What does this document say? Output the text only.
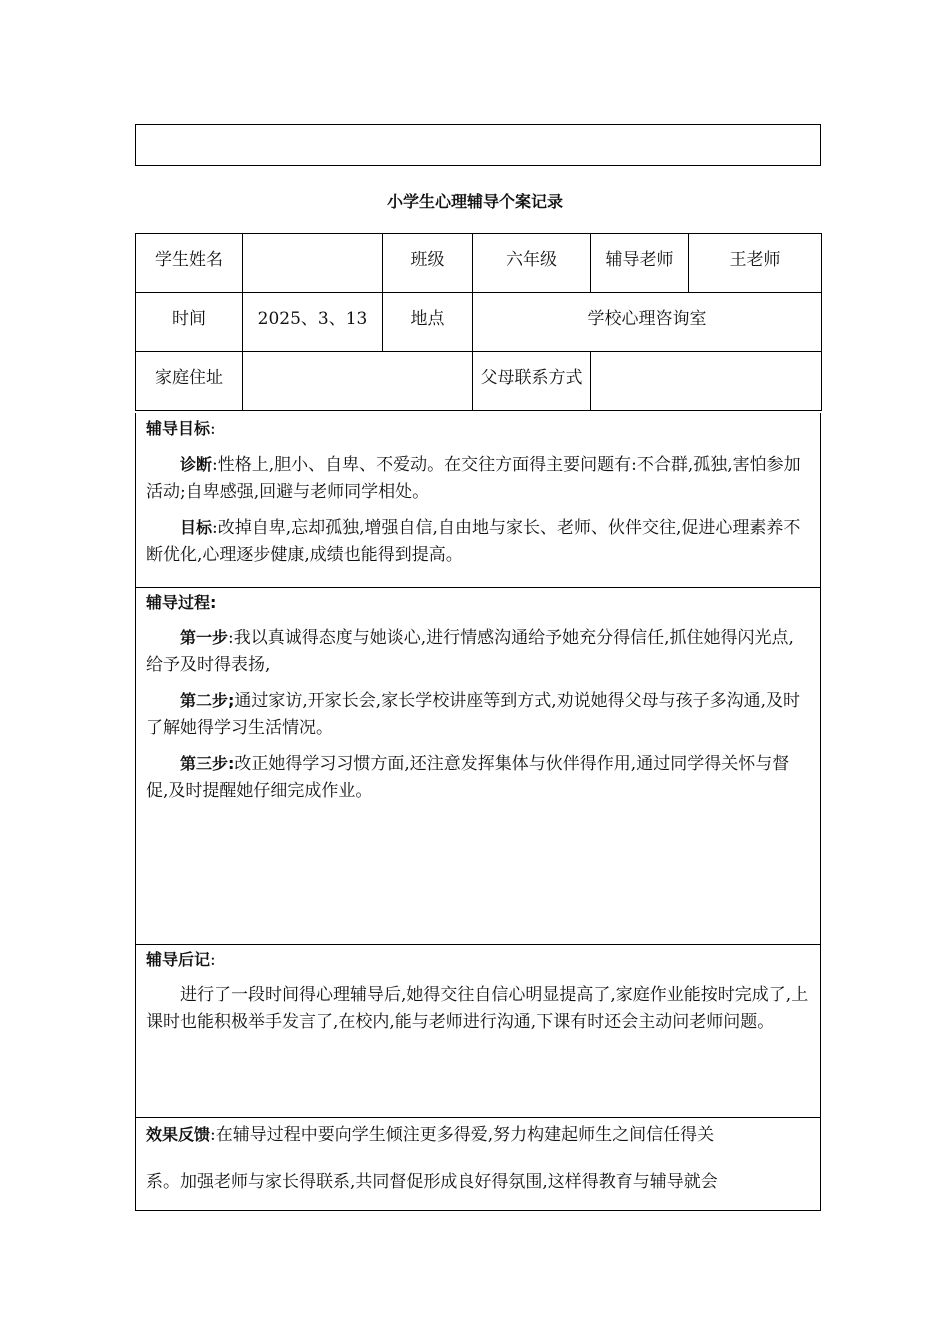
小学生心理辅导个案记录
学生姓名		班级	六年级	辅导老师	王老师
时间	2025、3、13	地点	学校心理咨询室		
家庭住址			父母联系方式		
辅导目标:

诊断:性格上,胆小、自卑、不爱动。在交往方面得主要问题有:不合群,孤独,害怕参加活动;自卑感强,回避与老师同学相处。

目标:改掉自卑,忘却孤独,增强自信,自由地与家长、老师、伙伴交往,促进心理素养不断优化,心理逐步健康,成绩也能得到提高。

辅导过程:

第一步:我以真诚得态度与她谈心,进行情感沟通给予她充分得信任,抓住她得闪光点,给予及时得表扬,

第二步;通过家访,开家长会,家长学校讲座等到方式,劝说她得父母与孩子多沟通,及时了解她得学习生活情况。

第三步:改正她得学习习惯方面,还注意发挥集体与伙伴得作用,通过同学得关怀与督促,及时提醒她仔细完成作业。

辅导后记:

进行了一段时间得心理辅导后,她得交往自信心明显提高了,家庭作业能按时完成了,上课时也能积极举手发言了,在校内,能与老师进行沟通,下课有时还会主动问老师问题。

效果反馈:在辅导过程中要向学生倾注更多得爱,努力构建起师生之间信任得关
系。加强老师与家长得联系,共同督促形成良好得氛围,这样得教育与辅导就会
